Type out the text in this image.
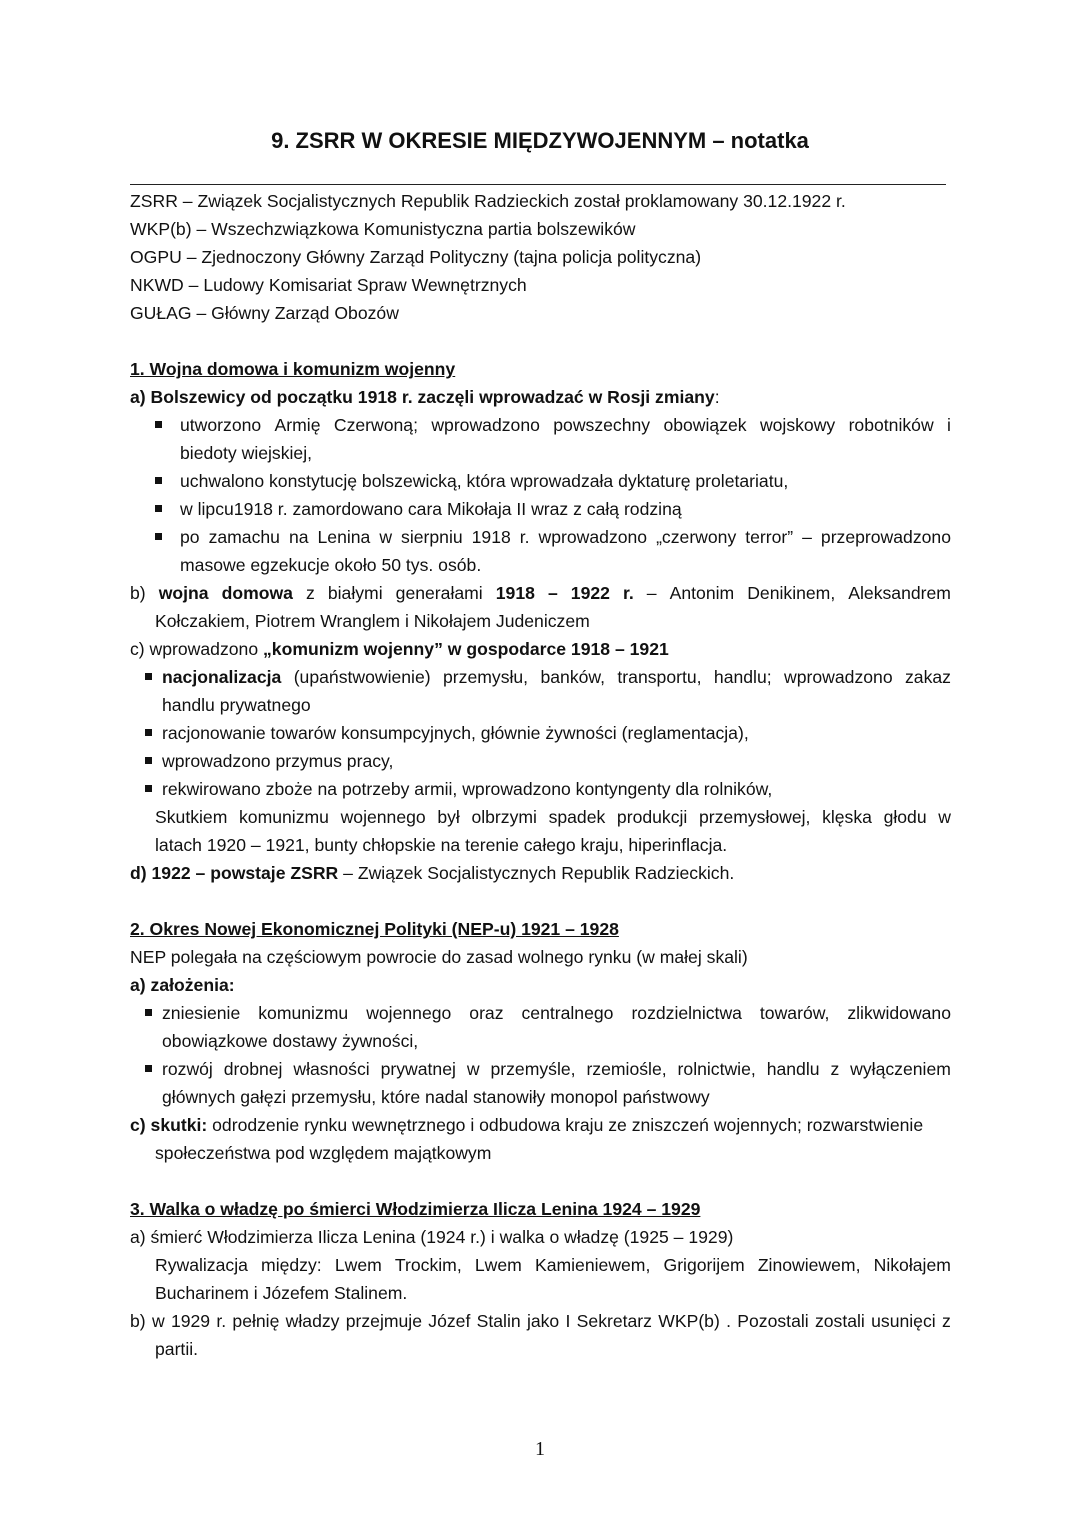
9. ZSRR W OKRESIE MIĘDZYWOJENNYM – notatka
ZSRR – Związek Socjalistycznych Republik Radzieckich został proklamowany 30.12.1922 r.
WKP(b) – Wszechzwiązkowa Komunistyczna partia bolszewików
OGPU – Zjednoczony Główny Zarząd Polityczny (tajna policja polityczna)
NKWD – Ludowy Komisariat Spraw Wewnętrznych
GUŁAG – Główny Zarząd Obozów
1. Wojna domowa i komunizm wojenny
a) Bolszewicy od początku 1918 r. zaczęli wprowadzać w Rosji zmiany:
utworzono Armię Czerwoną; wprowadzono powszechny obowiązek wojskowy robotników i
biedoty wiejskiej,
uchwalono konstytucję bolszewicką, która wprowadzała dyktaturę proletariatu,
w lipcu1918 r. zamordowano cara Mikołaja II wraz z całą rodziną
po zamachu na Lenina w sierpniu 1918 r. wprowadzono „czerwony terror” – przeprowadzono
masowe egzekucje około 50 tys. osób.
b) wojna domowa z białymi generałami 1918 – 1922 r. – Antonim Denikinem, Aleksandrem
Kołczakiem, Piotrem Wranglem i Nikołajem Judeniczem
c) wprowadzono „komunizm wojenny” w gospodarce 1918 – 1921
nacjonalizacja (upaństwowienie) przemysłu, banków, transportu, handlu; wprowadzono zakaz
handlu prywatnego
racjonowanie towarów konsumpcyjnych, głównie żywności (reglamentacja),
wprowadzono przymus pracy,
rekwirowano zboże na potrzeby armii, wprowadzono kontyngenty dla rolników,
Skutkiem komunizmu wojennego był olbrzymi spadek produkcji przemysłowej, klęska głodu w
latach 1920 – 1921, bunty chłopskie na terenie całego kraju, hiperinflacja.
d) 1922 – powstaje ZSRR – Związek Socjalistycznych Republik Radzieckich.
2. Okres Nowej Ekonomicznej Polityki (NEP-u) 1921 – 1928
NEP polegała na częściowym powrocie do zasad wolnego rynku (w małej skali)
a) założenia:
zniesienie komunizmu wojennego oraz centralnego rozdzielnictwa towarów, zlikwidowano
obowiązkowe dostawy żywności,
rozwój drobnej własności prywatnej w przemyśle, rzemiośle, rolnictwie, handlu z wyłączeniem
głównych gałęzi przemysłu, które nadal stanowiły monopol państwowy
c) skutki: odrodzenie rynku wewnętrznego i odbudowa kraju ze zniszczeń wojennych; rozwarstwienie
społeczeństwa pod względem majątkowym
3. Walka o władzę po śmierci Włodzimierza Ilicza Lenina 1924 – 1929
a) śmierć Włodzimierza Ilicza Lenina (1924 r.) i walka o władzę (1925 – 1929)
Rywalizacja między: Lwem Trockim, Lwem Kamieniewem, Grigorijem Zinowiewem, Nikołajem
Bucharinem i Józefem Stalinem.
b) w 1929 r. pełnię władzy przejmuje Józef Stalin jako I Sekretarz WKP(b) . Pozostali zostali usunięci z
partii.
1
